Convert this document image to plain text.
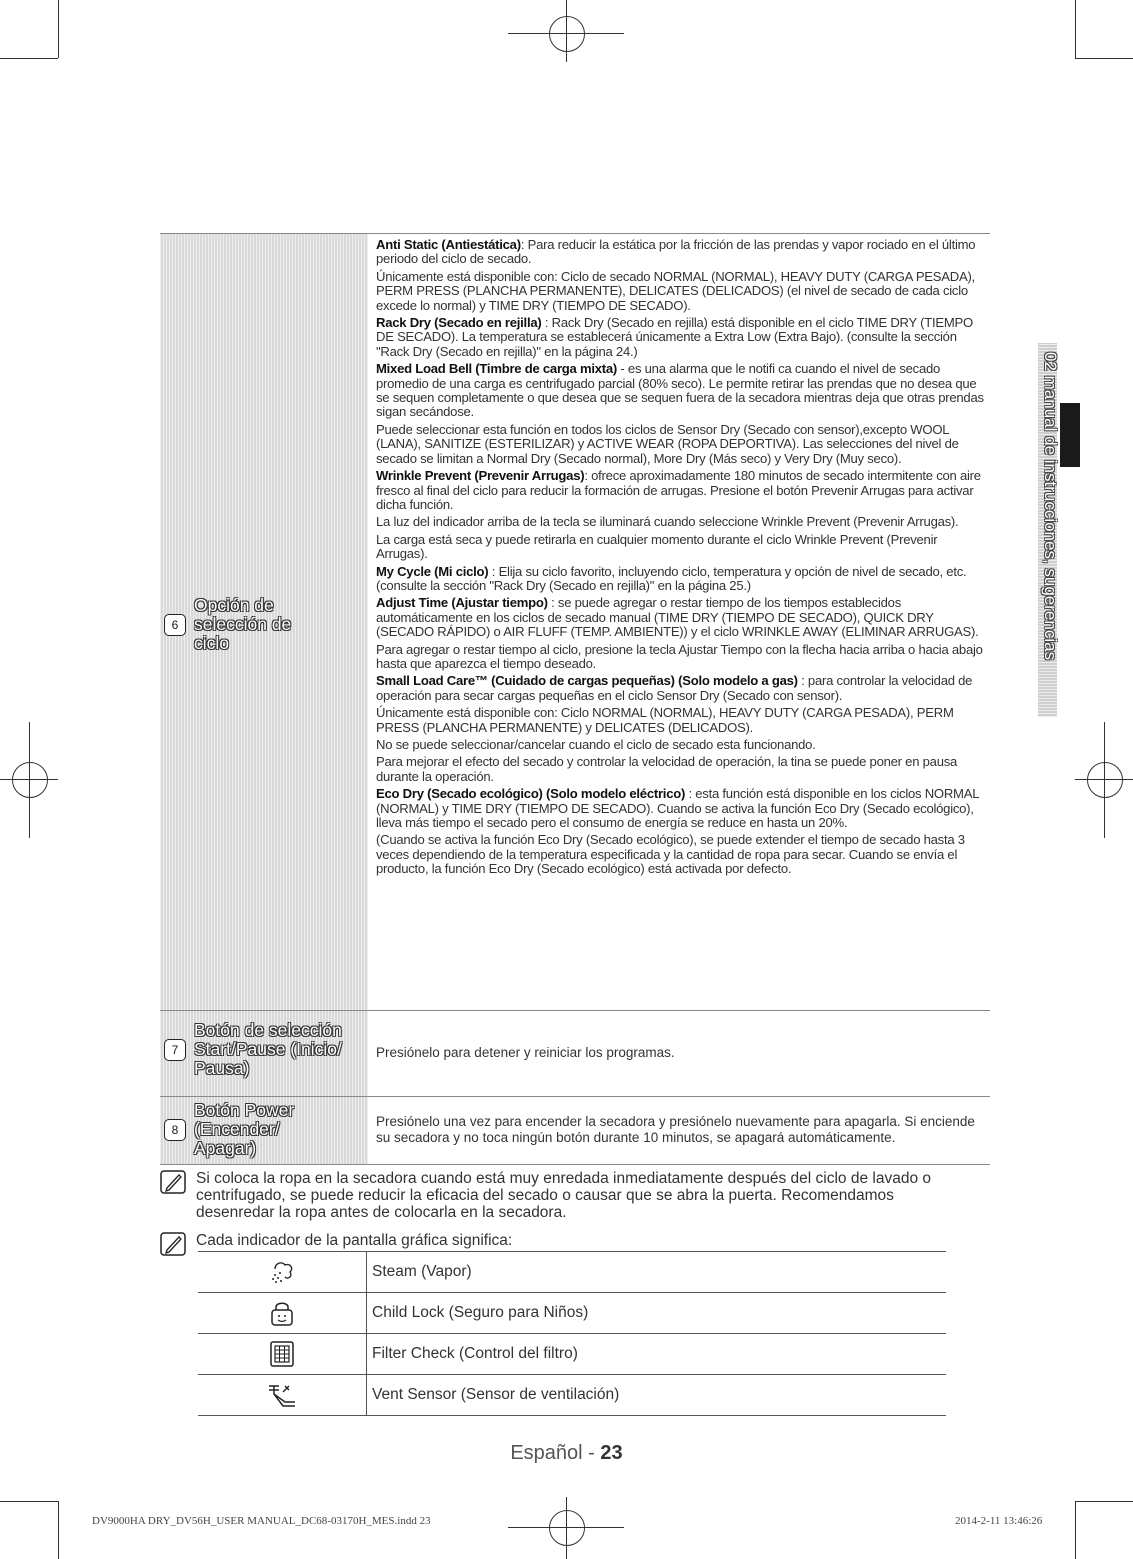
02 manual de instrucciones, sugerencias
6
Opción de selección de ciclo

Anti Static (Antiestática): Para reducir la estática por la fricción de las prendas y vapor rociado en el último periodo del ciclo de secado.

Únicamente está disponible con: Ciclo de secado NORMAL (NORMAL), HEAVY DUTY (CARGA PESADA), PERM PRESS (PLANCHA PERMANENTE), DELICATES (DELICADOS) (el nivel de secado de cada ciclo excede lo normal) y TIME DRY (TIEMPO DE SECADO).

Rack Dry (Secado en rejilla) : Rack Dry (Secado en rejilla) está disponible en el ciclo TIME DRY (TIEMPO DE SECADO). La temperatura se establecerá únicamente a Extra Low (Extra Bajo). (consulte la sección "Rack Dry (Secado en rejilla)" en la página 24.)

Mixed Load Bell (Timbre de carga mixta) - es una alarma que le notifi ca cuando el nivel de secado promedio de una carga es centrifugado parcial (80% seco). Le permite retirar las prendas que no desea que se sequen completamente o que desea que se sequen fuera de la secadora mientras deja que otras prendas sigan secándose.

Puede seleccionar esta función en todos los ciclos de Sensor Dry (Secado con sensor),excepto WOOL (LANA), SANITIZE (ESTERILIZAR) y ACTIVE WEAR (ROPA DEPORTIVA). Las selecciones del nivel de secado se limitan a Normal Dry (Secado normal), More Dry (Más seco) y Very Dry (Muy seco).

Wrinkle Prevent (Prevenir Arrugas): ofrece aproximadamente 180 minutos de secado intermitente con aire fresco al final del ciclo para reducir la formación de arrugas. Presione el botón Prevenir Arrugas para activar dicha función.

La luz del indicador arriba de la tecla se iluminará cuando seleccione Wrinkle Prevent (Prevenir Arrugas).

La carga está seca y puede retirarla en cualquier momento durante el ciclo Wrinkle Prevent (Prevenir Arrugas).

My Cycle (Mi ciclo) : Elija su ciclo favorito, incluyendo ciclo, temperatura y opción de nivel de secado, etc. (consulte la sección "Rack Dry (Secado en rejilla)" en la página 25.)

Adjust Time (Ajustar tiempo) : se puede agregar o restar tiempo de los tiempos establecidos automáticamente en los ciclos de secado manual (TIME DRY (TIEMPO DE SECADO), QUICK DRY (SECADO RÁPIDO) o AIR FLUFF (TEMP. AMBIENTE)) y el ciclo WRINKLE AWAY (ELIMINAR ARRUGAS).

Para agregar o restar tiempo al ciclo, presione la tecla Ajustar Tiempo con la flecha hacia arriba o hacia abajo hasta que aparezca el tiempo deseado.

Small Load Care™ (Cuidado de cargas pequeñas) (Solo modelo a gas) : para controlar la velocidad de operación para secar cargas pequeñas en el ciclo Sensor Dry (Secado con sensor).

Únicamente está disponible con: Ciclo NORMAL (NORMAL), HEAVY DUTY (CARGA PESADA), PERM PRESS (PLANCHA PERMANENTE) y DELICATES (DELICADOS).

No se puede seleccionar/cancelar cuando el ciclo de secado esta funcionando.

Para mejorar el efecto del secado y controlar la velocidad de operación, la tina se puede poner en pausa durante la operación.

Eco Dry (Secado ecológico) (Solo modelo eléctrico) : esta función está disponible en los ciclos NORMAL (NORMAL) y TIME DRY (TIEMPO DE SECADO). Cuando se activa la función Eco Dry (Secado ecológico), lleva más tiempo el secado pero el consumo de energía se reduce en hasta un 20%.

(Cuando se activa la función Eco Dry (Secado ecológico), se puede extender el tiempo de secado hasta 3 veces dependiendo de la temperatura especificada y la cantidad de ropa para secar. Cuando se envía el producto, la función Eco Dry (Secado ecológico) está activada por defecto.

7
Botón de selección Start/Pause (Inicio/ Pausa)
Presiónelo para detener y reiniciar los programas.
8
Botón Power (Encender/ Apagar)
Presiónelo una vez para encender la secadora y presiónelo nuevamente para apagarla. Si enciende su secadora y no toca ningún botón durante 10 minutos, se apagará automáticamente.
Si coloca la ropa en la secadora cuando está muy enredada inmediatamente después del ciclo de lavado o centrifugado, se puede reducir la eficacia del secado o causar que se abra la puerta. Recomendamos desenredar la ropa antes de colocarla en la secadora.
Cada indicador de la pantalla gráfica significa:
Steam (Vapor)
Child Lock (Seguro para Niños)
Filter Check (Control del filtro)
Vent Sensor (Sensor de ventilación)
Español - 23
DV9000HA DRY_DV56H_USER MANUAL_DC68-03170H_MES.indd 23	2014-2-11 13:46:26
